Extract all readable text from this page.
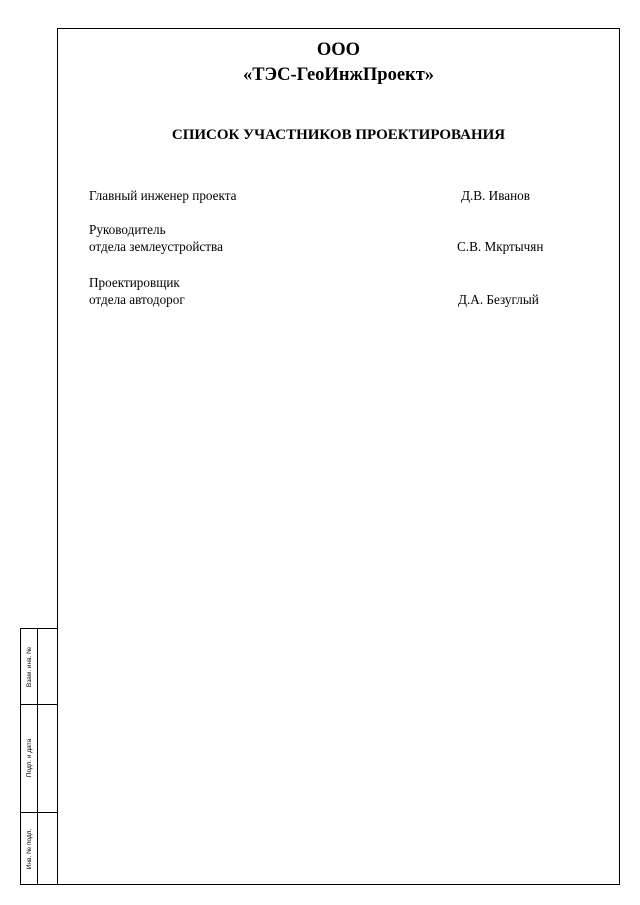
ООО
«ТЭС-ГеоИнжПроект»
СПИСОК УЧАСТНИКОВ ПРОЕКТИРОВАНИЯ
Главный инженер проекта	Д.В. Иванов
Руководитель
отдела землеустройства	С.В. Мкртычян
Проектировщик
отдела автодорог	Д.А. Безуглый
Взам. инв. №
Подп. и дата
Инв. № подл.
